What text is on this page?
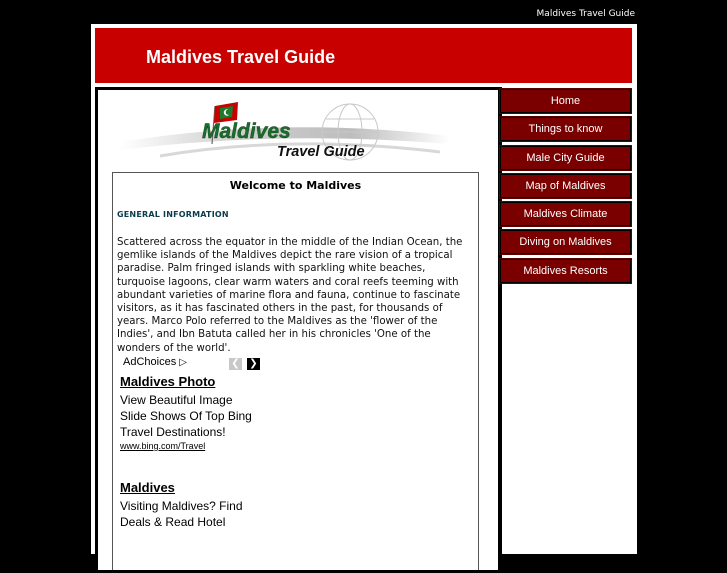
Maldives Travel Guide
Maldives Travel Guide
Maldives
Travel Guide
Welcome to Maldives
GENERAL INFORMATION
Scattered across the equator in the middle of the Indian Ocean, the gemlike islands of the Maldives depict the rare vision of a tropical paradise. Palm fringed islands with sparkling white beaches, turquoise lagoons, clear warm waters and coral reefs teeming with abundant varieties of marine flora and fauna, continue to fascinate visitors, as it has fascinated others in the past, for thousands of years. Marco Polo referred to the Maldives as the 'flower of the Indies', and Ibn Batuta called her in his chronicles 'One of the wonders of the world'.
AdChoices ▷	❮ ❯
Maldives Photo
View Beautiful Image
Slide Shows Of Top Bing
Travel Destinations!
www.bing.com/Travel
Maldives
Visiting Maldives? Find
Deals & Read Hotel
Home
Things to know
Male City Guide
Map of Maldives
Maldives Climate
Diving on Maldives
Maldives Resorts
